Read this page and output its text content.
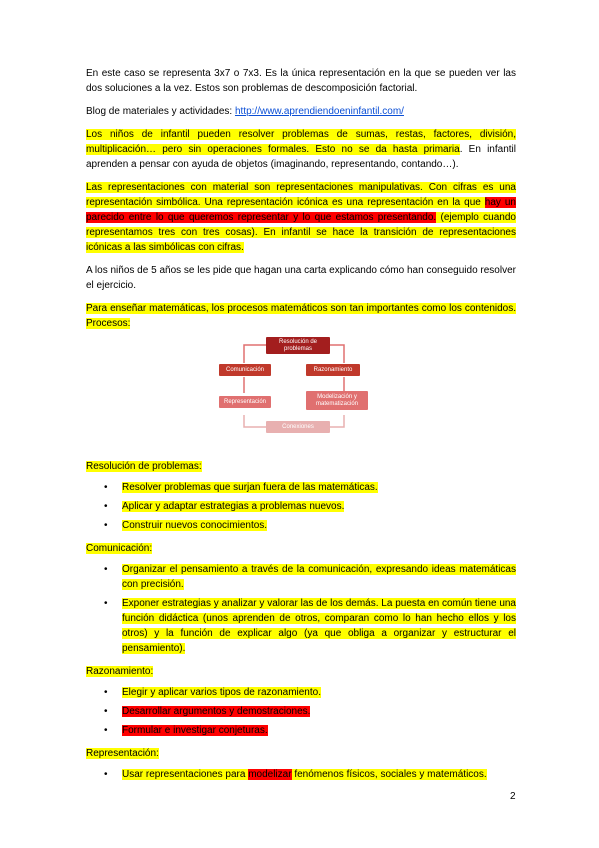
En este caso se representa 3x7 o 7x3. Es la única representación en la que se pueden ver las dos soluciones a la vez. Estos son problemas de descomposición factorial.

Blog de materiales y actividades: http://www.aprendiendoeninfantil.com/

Los niños de infantil pueden resolver problemas de sumas, restas, factores, división, multiplicación… pero sin operaciones formales. Esto no se da hasta primaria. En infantil aprenden a pensar con ayuda de objetos (imaginando, representando, contando…).

Las representaciones con material son representaciones manipulativas. Con cifras es una representación simbólica. Una representación icónica es una representación en la que hay un parecido entre lo que queremos representar y lo que estamos presentando. (ejemplo cuando representamos tres con tres cosas). En infantil se hace la transición de representaciones icónicas a las simbólicas con cifras.

A los niños de 5 años se les pide que hagan una carta explicando cómo han conseguido resolver el ejercicio.

Para enseñar matemáticas, los procesos matemáticos son tan importantes como los contenidos. Procesos:

Resolución de problemas
Comunicación	Razonamiento
Representación
Modelización y matematización
Conexiones
Resolución de problemas:
• Resolver problemas que surjan fuera de las matemáticas.
• Aplicar y adaptar estrategias a problemas nuevos.
• Construir nuevos conocimientos.
Comunicación:
• Organizar el pensamiento a través de la comunicación, expresando ideas matemáticas con precisión.
• Exponer estrategias y analizar y valorar las de los demás. La puesta en común tiene una función didáctica (unos aprenden de otros, comparan como lo han hecho ellos y los otros) y la función de explicar algo (ya que obliga a organizar y estructurar el pensamiento).
Razonamiento:
• Elegir y aplicar varios tipos de razonamiento.
• Desarrollar argumentos y demostraciones.
• Formular e investigar conjeturas.
Representación:
• Usar representaciones para modelizar fenómenos físicos, sociales y matemáticos.
2
